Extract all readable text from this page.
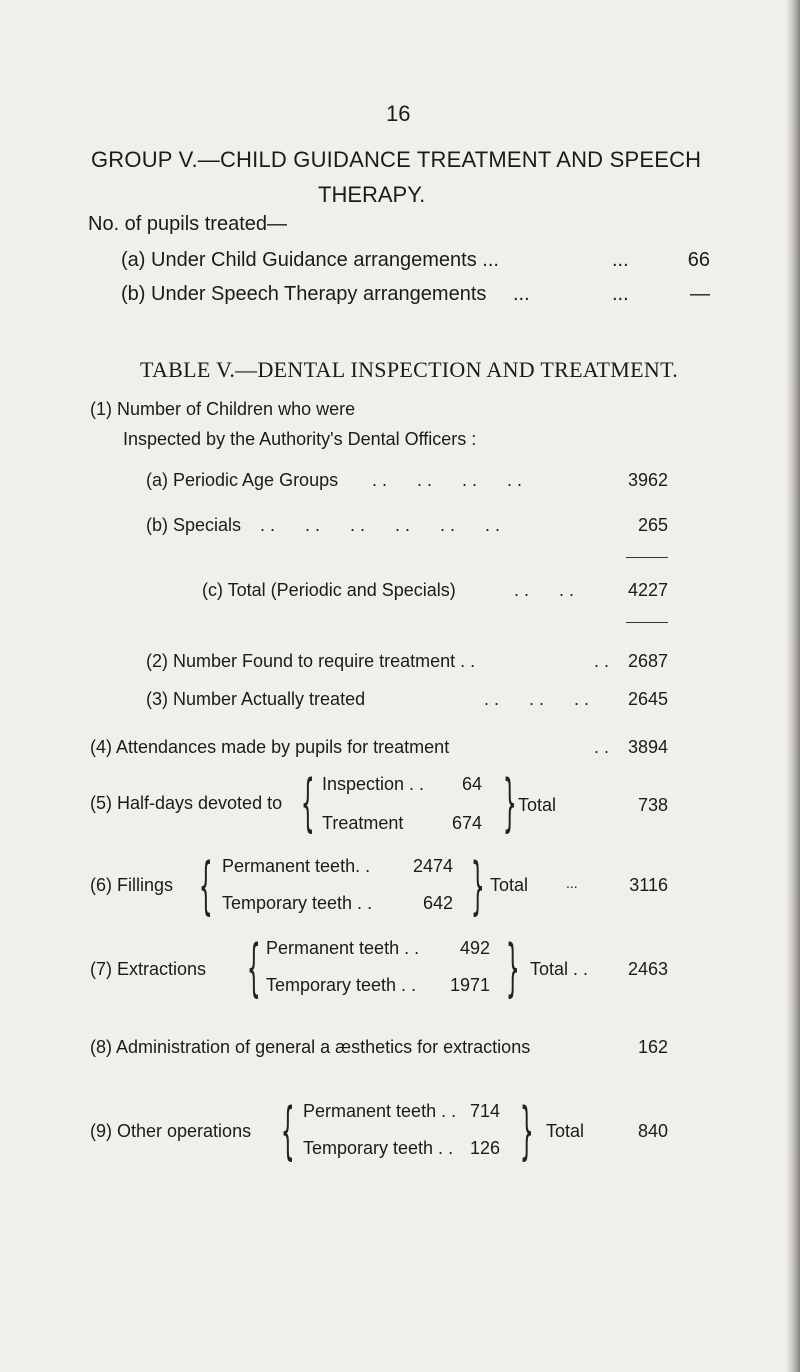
16
GROUP V.—CHILD GUIDANCE TREATMENT AND SPEECH
THERAPY.
No. of pupils treated—
(a) Under Child Guidance arrangements ...	...	66
(b) Under Speech Therapy arrangements ...	...	—
TABLE V.—DENTAL INSPECTION AND TREATMENT.
(1) Number of Children who were
Inspected by the Authority's Dental Officers :
(a) Periodic Age Groups . .      . .      . .      . .	3962
(b) Specials . .      . .      . .      . .      . .      . .	265
(c) Total (Periodic and Specials)	. .      . .	4227
(2) Number Found to require treatment . .	. .	2687
(3) Number Actually treated	. .      . .      . .	2645
(4) Attendances made by pupils for treatment	. .	3894
(5) Half-days devoted to { Inspection . .	64
Treatment	674 } Total	738
(6) Fillings { Permanent teeth. .	2474
Temporary teeth . .	642 } Total	...	3116
(7) Extractions { Permanent teeth . .	492
Temporary teeth . .	1971 } Total . .	2463
(8) Administration of general a æsthetics for extractions	162
(9) Other operations { Permanent teeth . . 714
Temporary teeth . . 126 } Total	840
